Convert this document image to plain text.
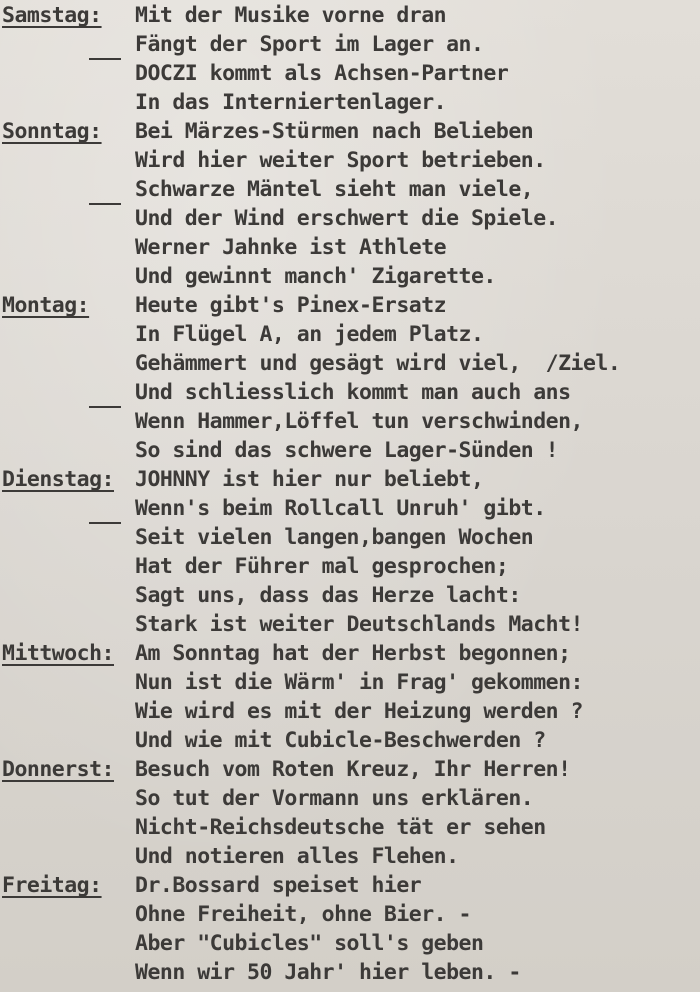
Samstag:

Mit der Musike vorne dran

Fängt der Sport im Lager an.

DOCZI kommt als Achsen-Partner

In das Interniertenlager.

Sonntag:

Bei Märzes-Stürmen nach Belieben

Wird hier weiter Sport betrieben.

Schwarze Mäntel sieht man viele,

Und der Wind erschwert die Spiele.

Werner Jahnke ist Athlete

Und gewinnt manch' Zigarette.

Montag:

Heute gibt's Pinex-Ersatz

In Flügel A, an jedem Platz.

Gehämmert und gesägt wird viel,  /Ziel.

Und schliesslich kommt man auch ans

Wenn Hammer,Löffel tun verschwinden,

So sind das schwere Lager-Sünden !

Dienstag:

JOHNNY ist hier nur beliebt,

Wenn's beim Rollcall Unruh' gibt.

Seit vielen langen,bangen Wochen

Hat der Führer mal gesprochen;

Sagt uns, dass das Herze lacht:

Stark ist weiter Deutschlands Macht!

Mittwoch:

Am Sonntag hat der Herbst begonnen;

Nun ist die Wärm' in Frag' gekommen:

Wie wird es mit der Heizung werden ?

Und wie mit Cubicle-Beschwerden ?

Donnerst:

Besuch vom Roten Kreuz, Ihr Herren!

So tut der Vormann uns erklären.

Nicht-Reichsdeutsche tät er sehen

Und notieren alles Flehen.

Freitag:

Dr.Bossard speiset hier

Ohne Freiheit, ohne Bier. -

Aber "Cubicles" soll's geben

Wenn wir 50 Jahr' hier leben. -
